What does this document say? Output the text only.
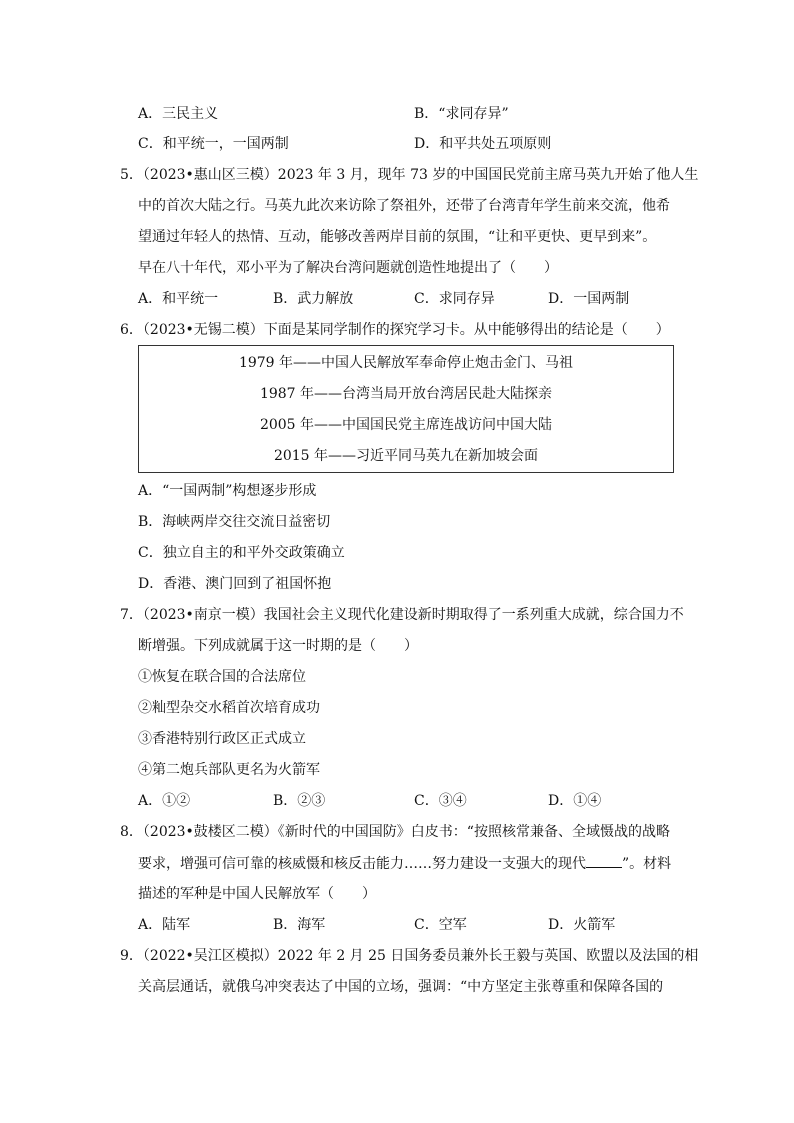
A．三民主义	B．“求同存异”
C．和平统一，一国两制	D．和平共处五项原则
5．（2023•惠山区三模）2023 年 3 月，现年 73 岁的中国国民党前主席马英九开始了他人生
中的首次大陆之行。马英九此次来访除了祭祖外，还带了台湾青年学生前来交流，他希
望通过年轻人的热情、互动，能够改善两岸目前的氛围，“让和平更快、更早到来”。
早在八十年代，邓小平为了解决台湾问题就创造性地提出了（　　）
A．和平统一	B．武力解放	C．求同存异	D．一国两制
6．（2023•无锡二模）下面是某同学制作的探究学习卡。从中能够得出的结论是（　　）
1979 年——中国人民解放军奉命停止炮击金门、马祖
1987 年——台湾当局开放台湾居民赴大陆探亲
2005 年——中国国民党主席连战访问中国大陆
2015 年——习近平同马英九在新加坡会面
A．“一国两制”构想逐步形成
B．海峡两岸交往交流日益密切
C．独立自主的和平外交政策确立
D．香港、澳门回到了祖国怀抱
7．（2023•南京一模）我国社会主义现代化建设新时期取得了一系列重大成就，综合国力不
断增强。下列成就属于这一时期的是（　　）
①恢复在联合国的合法席位
②籼型杂交水稻首次培育成功
③香港特别行政区正式成立
④第二炮兵部队更名为火箭军
A．①②	B．②③	C．③④	D．①④
8．（2023•鼓楼区二模）《新时代的中国国防》白皮书：“按照核常兼备、全域慑战的战略
要求，增强可信可靠的核威慑和核反击能力……努力建设一支强大的现代	”。材料
描述的军种是中国人民解放军（　　）
A．陆军	B．海军	C．空军	D．火箭军
9．（2022•吴江区模拟）2022 年 2 月 25 日国务委员兼外长王毅与英国、欧盟以及法国的相
关高层通话，就俄乌冲突表达了中国的立场，强调：“中方坚定主张尊重和保障各国的
